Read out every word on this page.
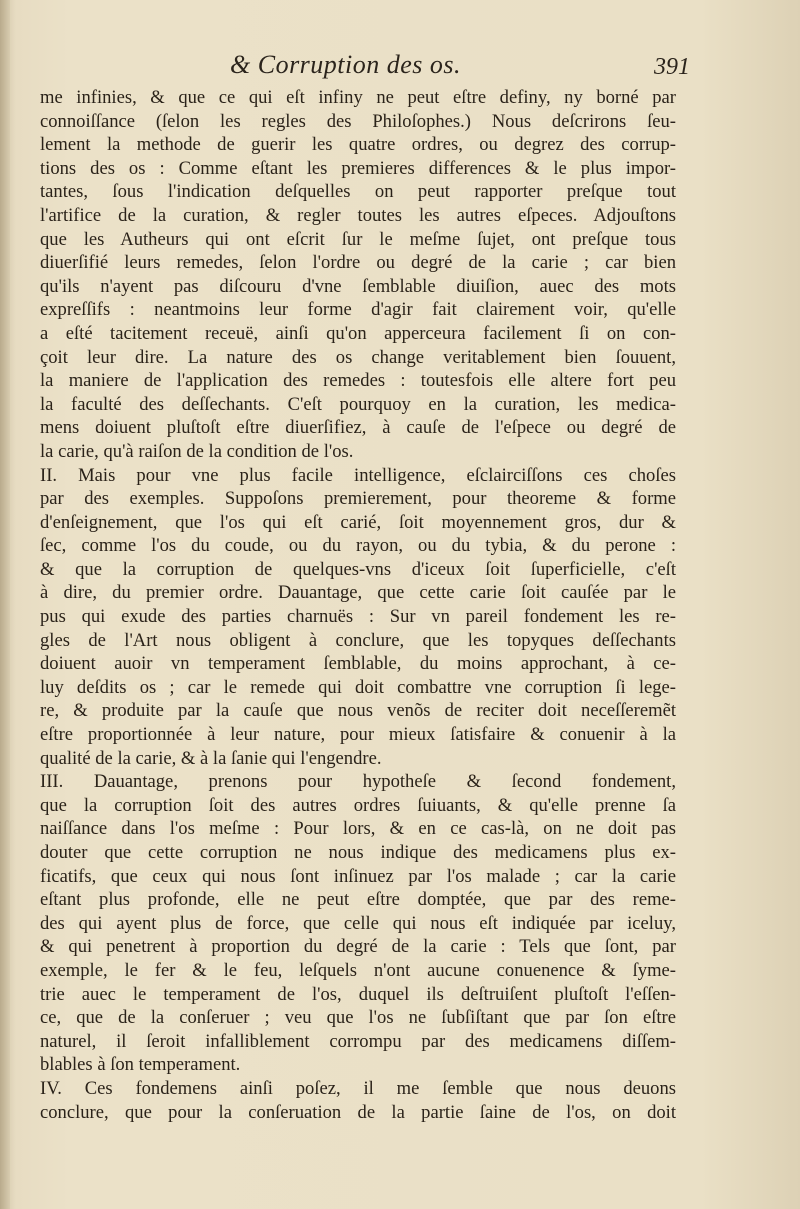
& Corruption des os.	391
me infinies, & que ce qui eſt infiny ne peut eſtre definy, ny borné par
connoiſſance (ſelon les regles des Philoſophes.) Nous deſcrirons ſeu-
lement la methode de guerir les quatre ordres, ou degrez des corrup-
tions des os : Comme eſtant les premieres differences & le plus impor-
tantes, ſous l'indication deſquelles on peut rapporter preſque tout
l'artifice de la curation, & regler toutes les autres eſpeces. Adjouſtons
que les Autheurs qui ont eſcrit ſur le meſme ſujet, ont preſque tous
diuerſifié leurs remedes, ſelon l'ordre ou degré de la carie ; car bien
qu'ils n'ayent pas diſcouru d'vne ſemblable diuiſion, auec des mots
expreſſifs : neantmoins leur forme d'agir fait clairement voir, qu'elle
a eſté tacitement receuë, ainſi qu'on apperceura facilement ſi on con-
çoit leur dire. La nature des os change veritablement bien ſouuent,
la maniere de l'application des remedes : toutesfois elle altere fort peu
la faculté des deſſechants. C'eſt pourquoy en la curation, les medica-
mens doiuent pluſtoſt eſtre diuerſifiez, à cauſe de l'eſpece ou degré de
la carie, qu'à raiſon de la condition de l'os.
II. Mais pour vne plus facile intelligence, eſclairciſſons ces choſes
par des exemples. Suppoſons premierement, pour theoreme & forme
d'enſeignement, que l'os qui eſt carié, ſoit moyennement gros, dur &
ſec, comme l'os du coude, ou du rayon, ou du tybia, & du perone :
& que la corruption de quelques-vns d'iceux ſoit ſuperficielle, c'eſt
à dire, du premier ordre. Dauantage, que cette carie ſoit cauſée par le
pus qui exude des parties charnuës : Sur vn pareil fondement les re-
gles de l'Art nous obligent à conclure, que les topyques deſſechants
doiuent auoir vn temperament ſemblable, du moins approchant, à ce-
luy deſdits os ; car le remede qui doit combattre vne corruption ſi lege-
re, & produite par la cauſe que nous venõs de reciter doit neceſſeremẽt
eſtre proportionnée à leur nature, pour mieux ſatisfaire & conuenir à la
qualité de la carie, & à la ſanie qui l'engendre.
III. Dauantage, prenons pour hypotheſe & ſecond fondement,
que la corruption ſoit des autres ordres ſuiuants, & qu'elle prenne ſa
naiſſance dans l'os meſme : Pour lors, & en ce cas-là, on ne doit pas
douter que cette corruption ne nous indique des medicamens plus ex-
ficatifs, que ceux qui nous ſont inſinuez par l'os malade ; car la carie
eſtant plus profonde, elle ne peut eſtre domptée, que par des reme-
des qui ayent plus de force, que celle qui nous eſt indiquée par iceluy,
& qui penetrent à proportion du degré de la carie : Tels que ſont, par
exemple, le fer & le feu, leſquels n'ont aucune conuenence & ſyme-
trie auec le temperament de l'os, duquel ils deſtruiſent pluſtoſt l'eſſen-
ce, que de la conſeruer ; veu que l'os ne ſubſiſtant que par ſon eſtre
naturel, il ſeroit infalliblement corrompu par des medicamens diſſem-
blables à ſon temperament.
IV. Ces fondemens ainſi poſez, il me ſemble que nous deuons
conclure, que pour la conſeruation de la partie ſaine de l'os, on doit
